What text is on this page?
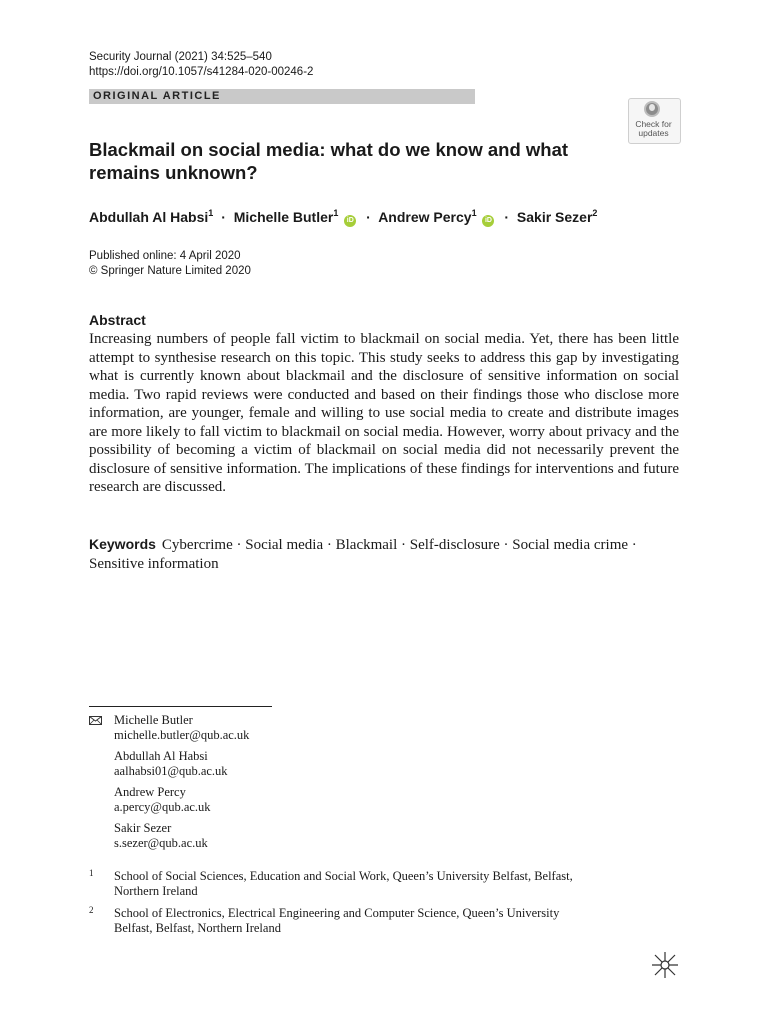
Security Journal (2021) 34:525–540
https://doi.org/10.1057/s41284-020-00246-2
ORIGINAL ARTICLE
Check for
updates
Blackmail on social media: what do we know and what
remains unknown?
Abdullah Al Habsi$^1$ · Michelle Butler$^1$ iD · Andrew Percy$^1$ iD · Sakir Sezer$^2$
Published online: 4 April 2020
© Springer Nature Limited 2020
Abstract
Increasing numbers of people fall victim to blackmail on social media. Yet, there has been little attempt to synthesise research on this topic. This study seeks to address this gap by investigating what is currently known about blackmail and the disclosure of sensitive information on social media. Two rapid reviews were conducted and based on their findings those who disclose more information, are younger, female and willing to use social media to create and distribute images are more likely to fall victim to blackmail on social media. However, worry about privacy and the possibility of becoming a victim of blackmail on social media did not necessarily prevent the disclosure of sensitive information. The implications of these findings for interventions and future research are discussed.
Keywords Cybercrime · Social media · Blackmail · Self-disclosure · Social media crime · Sensitive information
Michelle Butler
michelle.butler@qub.ac.uk
Abdullah Al Habsi
aalhabsi01@qub.ac.uk
Andrew Percy
a.percy@qub.ac.uk
Sakir Sezer
s.sezer@qub.ac.uk
1 School of Social Sciences, Education and Social Work, Queen’s University Belfast, Belfast,
Northern Ireland
2 School of Electronics, Electrical Engineering and Computer Science, Queen’s University
Belfast, Belfast, Northern Ireland
